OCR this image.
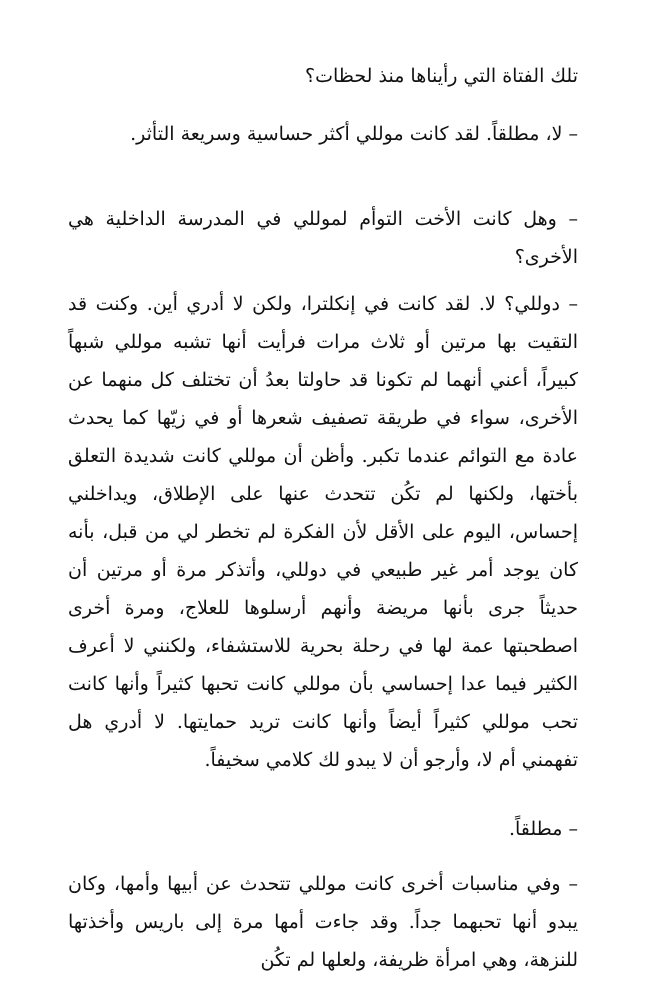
تلك الفتاة التي رأيناها منذ لحظات؟

– لا، مطلقاً. لقد كانت موللي أكثر حساسية وسريعة التأثر.

– وهل كانت الأخت التوأم لموللي في المدرسة الداخلية هي الأخرى؟

– دوللي؟ لا. لقد كانت في إنكلترا، ولكن لا أدري أين. وكنت قد التقيت بها مرتين أو ثلاث مرات فرأيت أنها تشبه موللي شبهاً كبيراً، أعني أنهما لم تكونا قد حاولتا بعدُ أن تختلف كل منهما عن الأخرى، سواء في طريقة تصفيف شعرها أو في زيّها كما يحدث عادة مع التوائم عندما تكبر. وأظن أن موللي كانت شديدة التعلق بأختها، ولكنها لم تكُن تتحدث عنها على الإطلاق، ويداخلني إحساس، اليوم على الأقل لأن الفكرة لم تخطر لي من قبل، بأنه كان يوجد أمر غير طبيعي في دوللي، وأتذكر مرة أو مرتين أن حديثاً جرى بأنها مريضة وأنهم أرسلوها للعلاج، ومرة أخرى اصطحبتها عمة لها في رحلة بحرية للاستشفاء، ولكنني لا أعرف الكثير فيما عدا إحساسي بأن موللي كانت تحبها كثيراً وأنها كانت تحب موللي كثيراً أيضاً وأنها كانت تريد حمايتها. لا أدري هل تفهمني أم لا، وأرجو أن لا يبدو لك كلامي سخيفاً.

– مطلقاً.

– وفي مناسبات أخرى كانت موللي تتحدث عن أبيها وأمها، وكان يبدو أنها تحبهما جداً. وقد جاءت أمها مرة إلى باريس وأخذتها للنزهة، وهي امرأة ظريفة، ولعلها لم تكُن
